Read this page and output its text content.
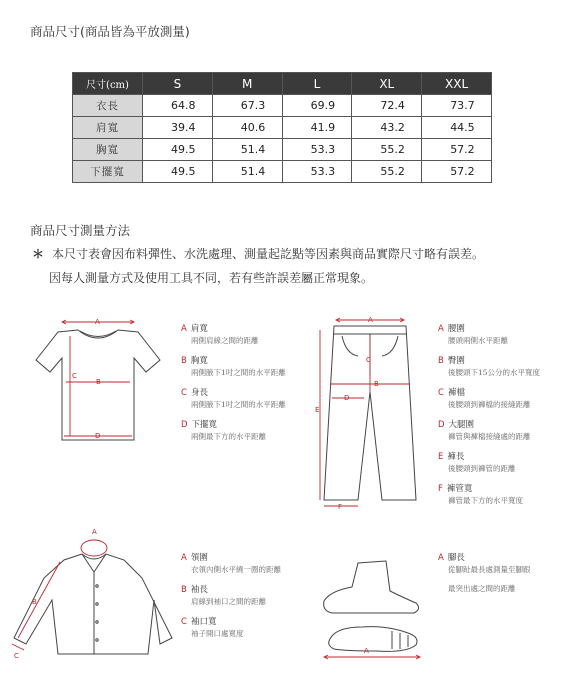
商品尺寸(商品皆為平放測量)
尺寸(cm)	S	M	L	XL	XXL
衣長	64.8	67.3	69.9	72.4	73.7
肩寬	39.4	40.6	41.9	43.2	44.5
胸寬	49.5	51.4	53.3	55.2	57.2
下擺寬	49.5	51.4	53.3	55.2	57.2
商品尺寸測量方法
＊ 本尺寸表會因布料彈性、水洗處理、測量起訖點等因素與商品實際尺寸略有誤差。
因每人測量方式及使用工具不同，若有些許誤差屬正常現象。
A
B
C
D
A 肩寬
兩側肩線之間的距離
B 胸寬
兩側腋下1吋之間的水平距離
C 身長
兩側腋下1吋之間的水平距離
D 下擺寬
兩側最下方的水平距離
A
B
C
D
E
F
A 腰圍
腰頭兩側水平距離
B 臀圍
後腰頭下15公分的水平寬度
C 褲檔
後腰頭到褲檔的接縫距離
D 大腿圍
褲管與褲檔接縫處的距離
E 褲長
後腰頭到褲管的距離
F 褲管寬
褲管最下方的水平寬度
A
B
C
A 領圍
衣領內側水平繞一圈的距離
B 袖長
肩線到袖口之間的距離
C 袖口寬
袖子開口處寬度
A
A 腳長
從腳趾最長處測量至腳跟
最突出處之間的距離
